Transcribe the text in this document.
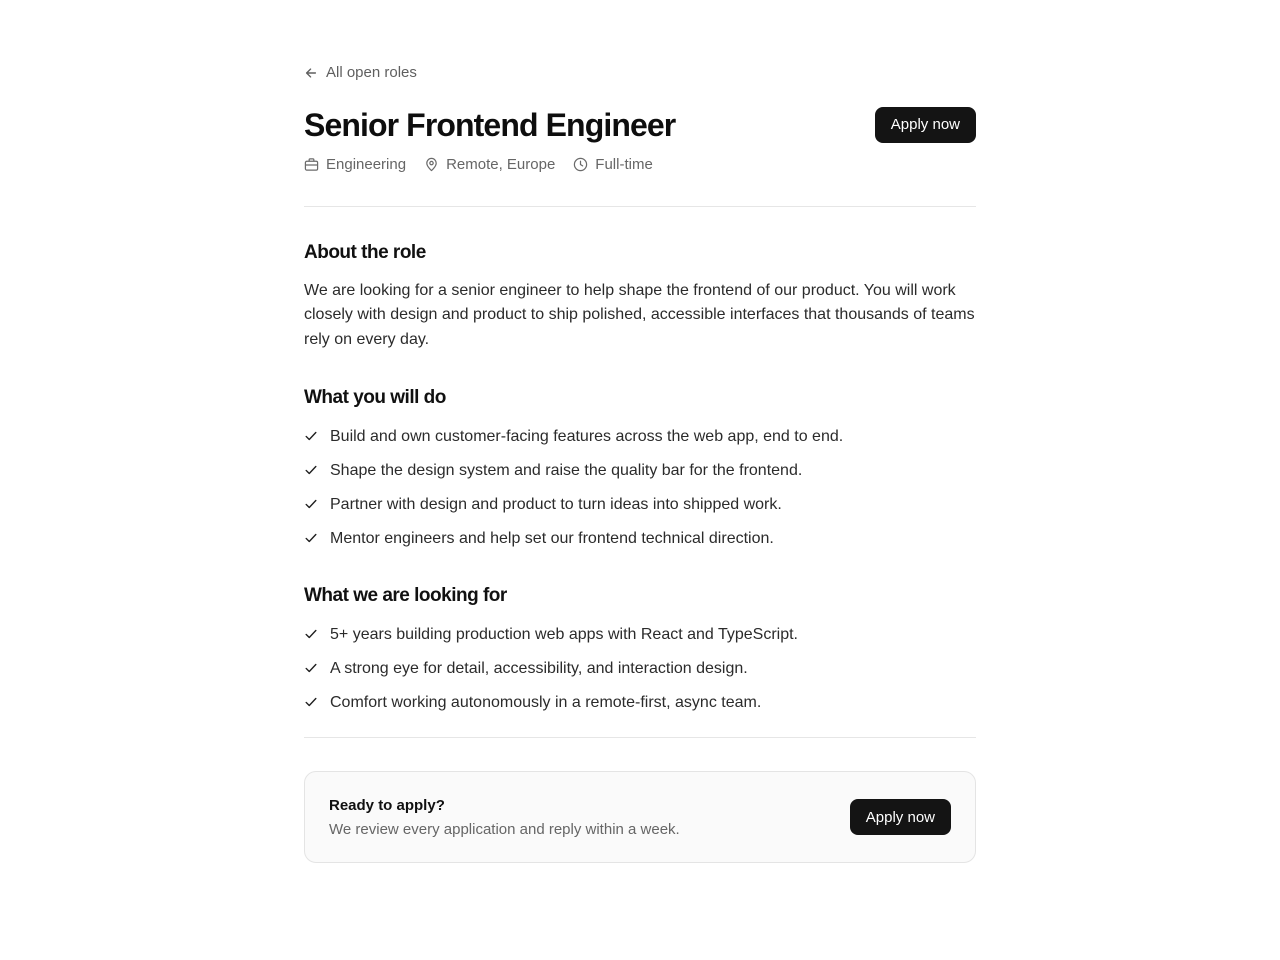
All open roles
Senior Frontend Engineer	Apply now
Engineering	Remote, Europe	Full-time
About the role

We are looking for a senior engineer to help shape the frontend of our product. You will work closely with design and product to ship polished, accessible interfaces that thousands of teams rely on every day.

What you will do
Build and own customer-facing features across the web app, end to end.
Shape the design system and raise the quality bar for the frontend.
Partner with design and product to turn ideas into shipped work.
Mentor engineers and help set our frontend technical direction.
What we are looking for
5+ years building production web apps with React and TypeScript.
A strong eye for detail, accessibility, and interaction design.
Comfort working autonomously in a remote-first, async team.
Ready to apply?
We review every application and reply within a week.
Apply now
